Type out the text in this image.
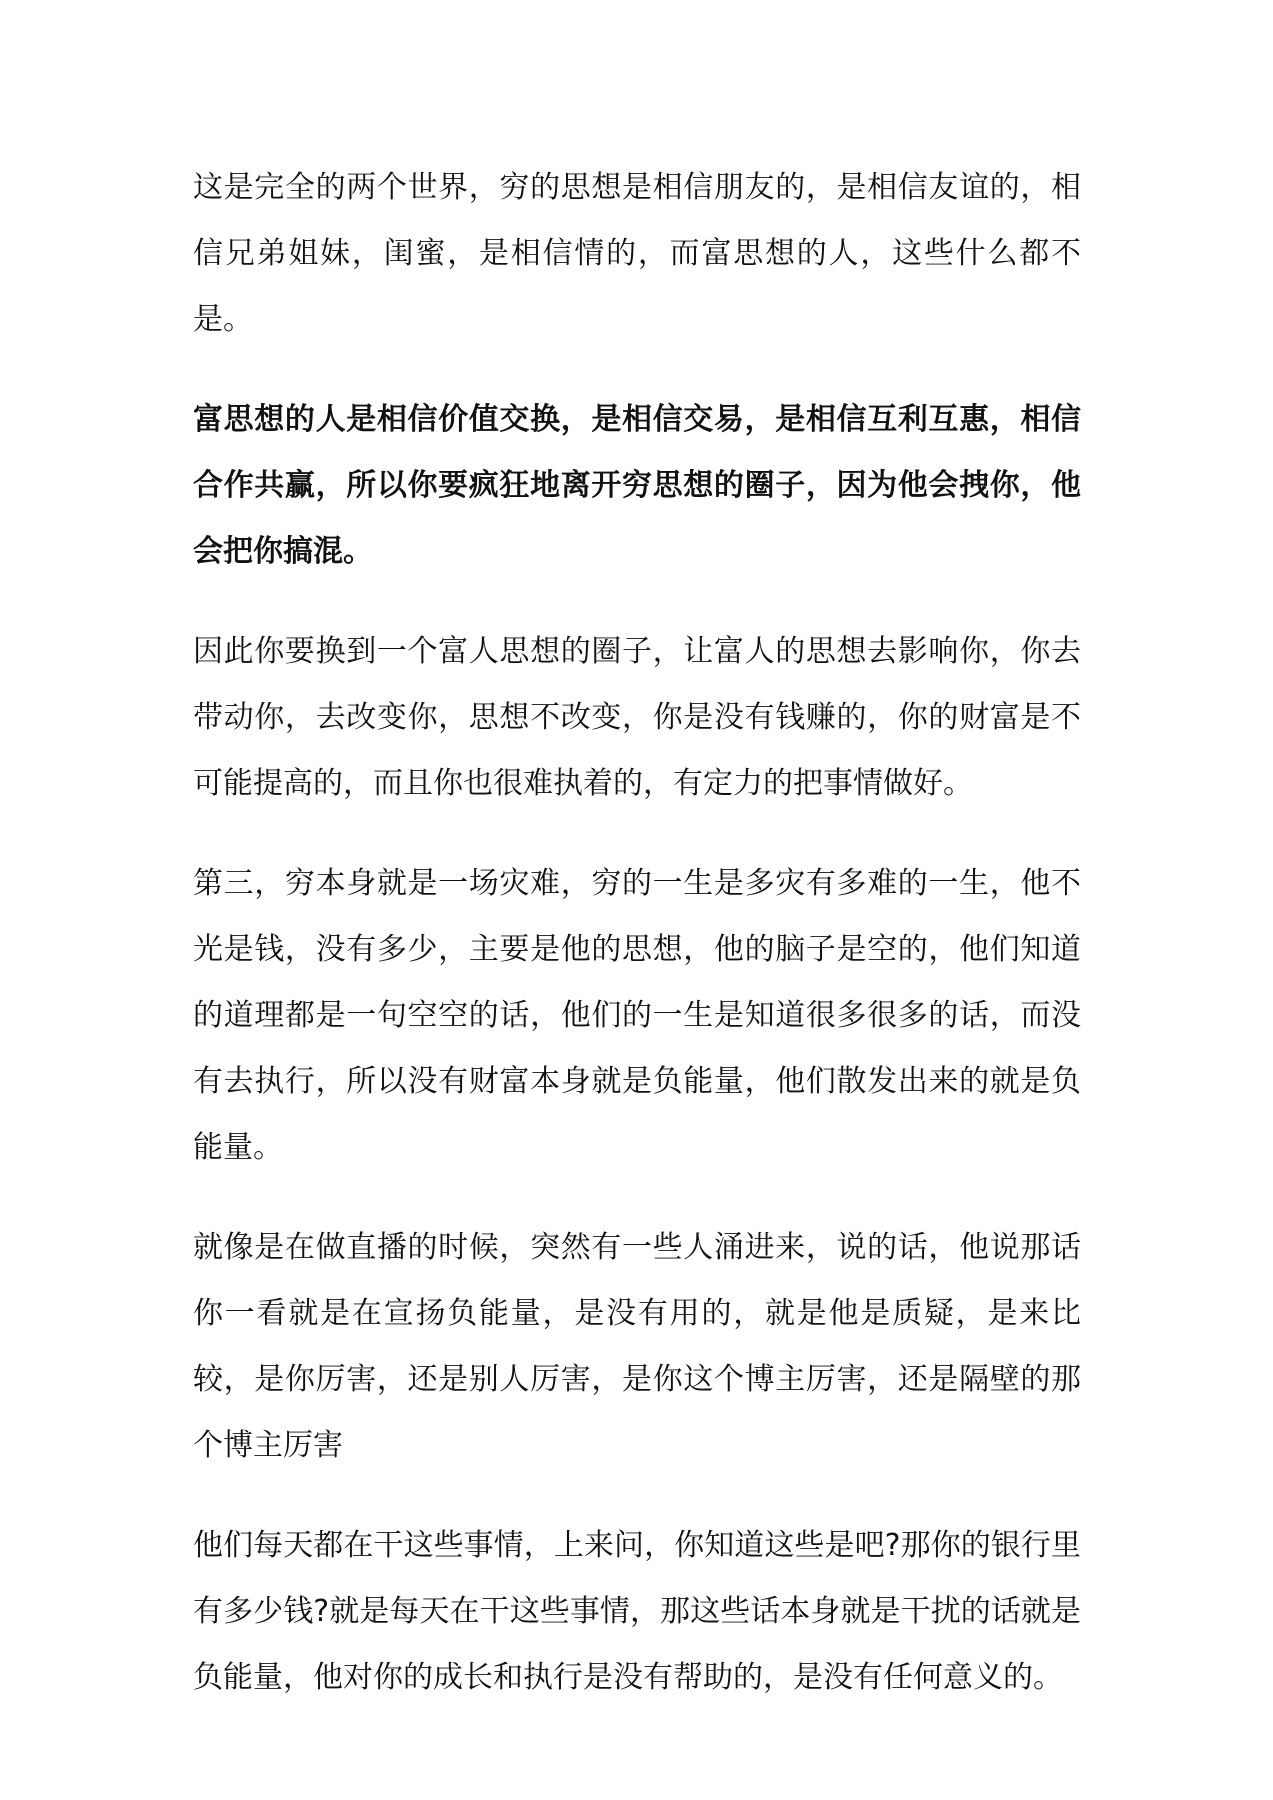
这是完全的两个世界，穷的思想是相信朋友的，是相信友谊的，相信兄弟姐妹，闺蜜，是相信情的，而富思想的人，这些什么都不是。

富思想的人是相信价值交换，是相信交易，是相信互利互惠，相信合作共赢，所以你要疯狂地离开穷思想的圈子，因为他会拽你，他会把你搞混。

因此你要换到一个富人思想的圈子，让富人的思想去影响你，你去带动你，去改变你，思想不改变，你是没有钱赚的，你的财富是不可能提高的，而且你也很难执着的，有定力的把事情做好。

第三，穷本身就是一场灾难，穷的一生是多灾有多难的一生，他不光是钱，没有多少，主要是他的思想，他的脑子是空的，他们知道的道理都是一句空空的话，他们的一生是知道很多很多的话，而没有去执行，所以没有财富本身就是负能量，他们散发出来的就是负能量。

就像是在做直播的时候，突然有一些人涌进来，说的话，他说那话你一看就是在宣扬负能量，是没有用的，就是他是质疑，是来比较，是你厉害，还是别人厉害，是你这个博主厉害，还是隔壁的那个博主厉害

他们每天都在干这些事情，上来问，你知道这些是吧?那你的银行里有多少钱?就是每天在干这些事情，那这些话本身就是干扰的话就是负能量，他对你的成长和执行是没有帮助的，是没有任何意义的。
